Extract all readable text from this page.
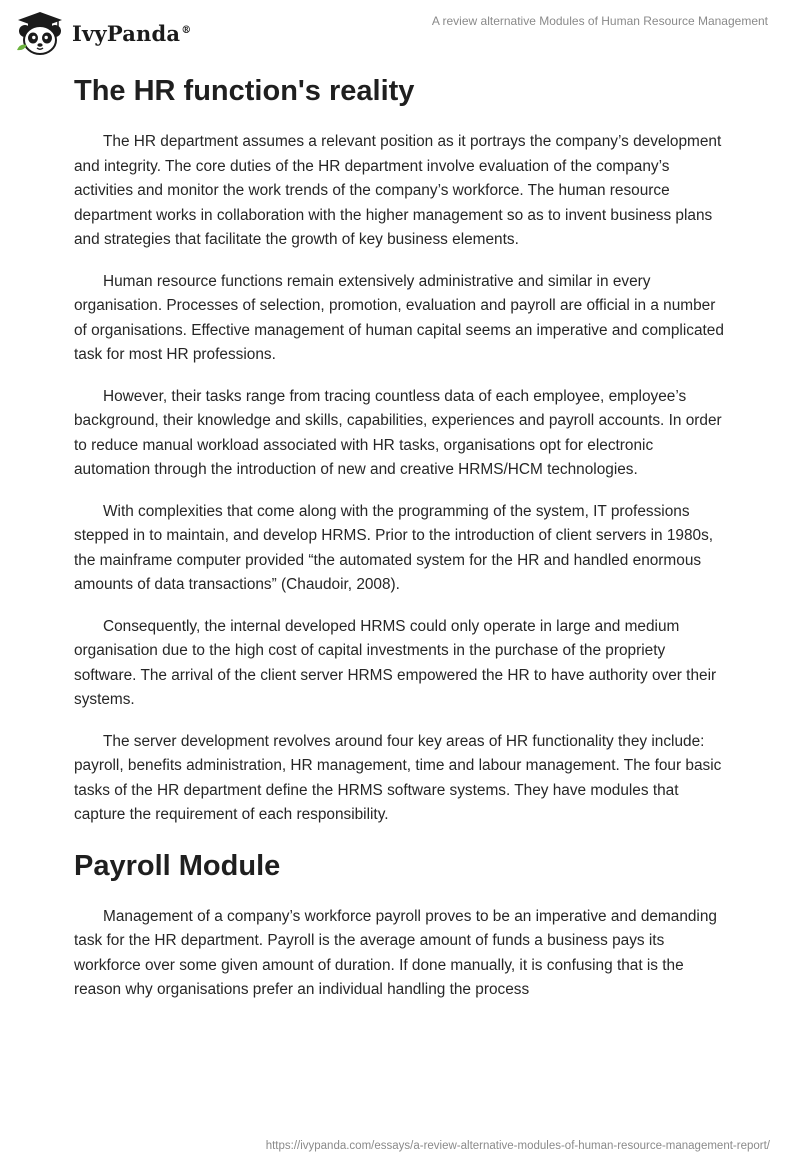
IvyPanda®
A review alternative Modules of Human Resource Management
The HR function's reality

The HR department assumes a relevant position as it portrays the company’s development and integrity. The core duties of the HR department involve evaluation of the company’s activities and monitor the work trends of the company’s workforce. The human resource department works in collaboration with the higher management so as to invent business plans and strategies that facilitate the growth of key business elements.

Human resource functions remain extensively administrative and similar in every organisation. Processes of selection, promotion, evaluation and payroll are official in a number of organisations. Effective management of human capital seems an imperative and complicated task for most HR professions.

However, their tasks range from tracing countless data of each employee, employee’s background, their knowledge and skills, capabilities, experiences and payroll accounts. In order to reduce manual workload associated with HR tasks, organisations opt for electronic automation through the introduction of new and creative HRMS/HCM technologies.

With complexities that come along with the programming of the system, IT professions stepped in to maintain, and develop HRMS. Prior to the introduction of client servers in 1980s, the mainframe computer provided “the automated system for the HR and handled enormous amounts of data transactions” (Chaudoir, 2008).

Consequently, the internal developed HRMS could only operate in large and medium organisation due to the high cost of capital investments in the purchase of the propriety software. The arrival of the client server HRMS empowered the HR to have authority over their systems.

The server development revolves around four key areas of HR functionality they include: payroll, benefits administration, HR management, time and labour management. The four basic tasks of the HR department define the HRMS software systems. They have modules that capture the requirement of each responsibility.

Payroll Module

Management of a company’s workforce payroll proves to be an imperative and demanding task for the HR department. Payroll is the average amount of funds a business pays its workforce over some given amount of duration. If done manually, it is confusing that is the reason why organisations prefer an individual handling the process

https://ivypanda.com/essays/a-review-alternative-modules-of-human-resource-management-report/
